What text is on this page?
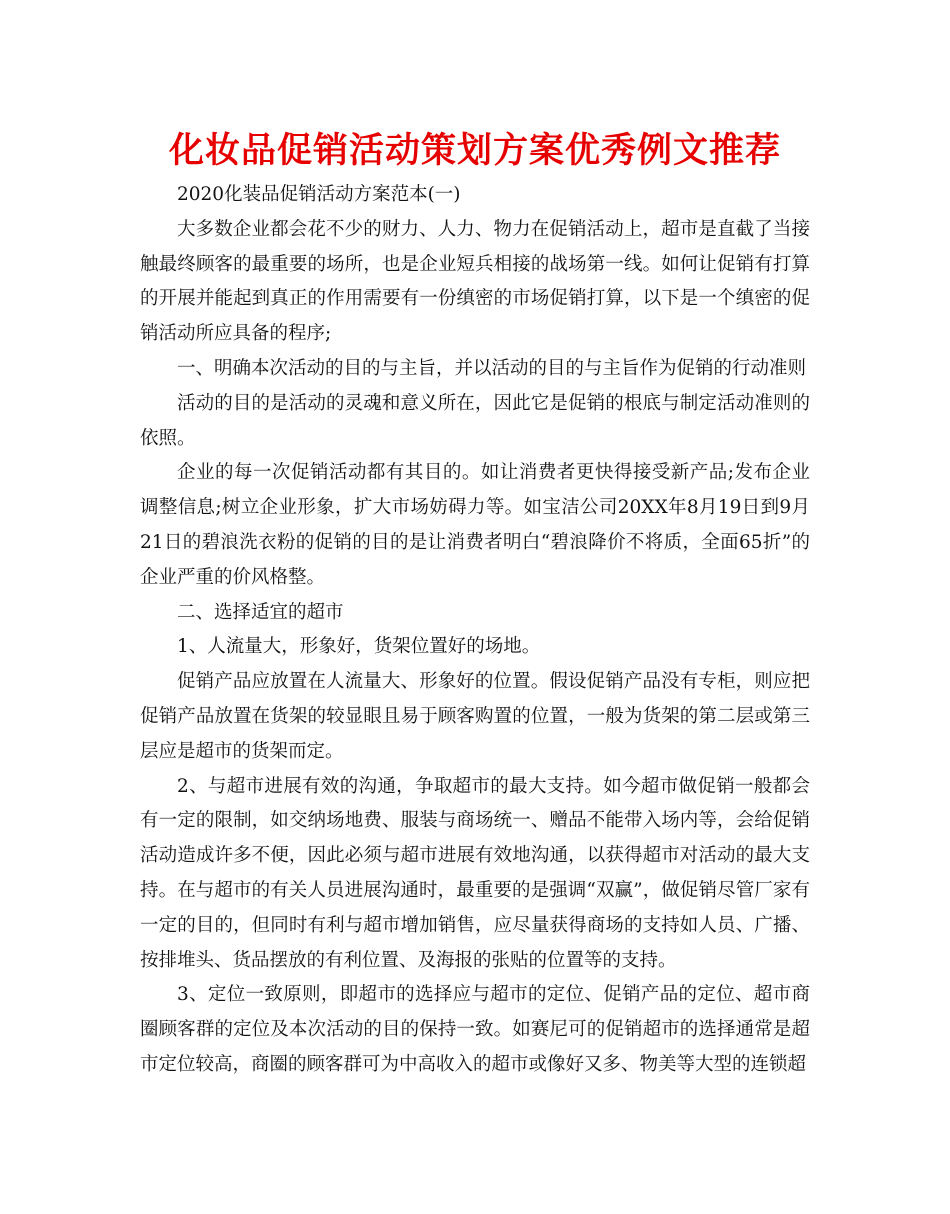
化妆品促销活动策划方案优秀例文推荐

2020化装品促销活动方案范本(一)

大多数企业都会花不少的财力、人力、物力在促销活动上，超市是直截了当接触最终顾客的最重要的场所，也是企业短兵相接的战场第一线。如何让促销有打算的开展并能起到真正的作用需要有一份缜密的市场促销打算，以下是一个缜密的促销活动所应具备的程序;

一、明确本次活动的目的与主旨，并以活动的目的与主旨作为促销的行动准则

活动的目的是活动的灵魂和意义所在，因此它是促销的根底与制定活动准则的依照。

企业的每一次促销活动都有其目的。如让消费者更快得接受新产品;发布企业调整信息;树立企业形象，扩大市场妨碍力等。如宝洁公司20XX年8月19日到9月21日的碧浪洗衣粉的促销的目的是让消费者明白“碧浪降价不将质，全面65折”的企业严重的价风格整。

二、选择适宜的超市

1、人流量大，形象好，货架位置好的场地。

促销产品应放置在人流量大、形象好的位置。假设促销产品没有专柜，则应把促销产品放置在货架的较显眼且易于顾客购置的位置，一般为货架的第二层或第三层应是超市的货架而定。

2、与超市进展有效的沟通，争取超市的最大支持。如今超市做促销一般都会有一定的限制，如交纳场地费、服装与商场统一、赠品不能带入场内等，会给促销活动造成许多不便，因此必须与超市进展有效地沟通，以获得超市对活动的最大支持。在与超市的有关人员进展沟通时，最重要的是强调“双赢”，做促销尽管厂家有一定的目的，但同时有利与超市增加销售，应尽量获得商场的支持如人员、广播、按排堆头、货品摆放的有利位置、及海报的张贴的位置等的支持。

3、定位一致原则，即超市的选择应与超市的定位、促销产品的定位、超市商圈顾客群的定位及本次活动的目的保持一致。如赛尼可的促销超市的选择通常是超市定位较高，商圈的顾客群可为中高收入的超市或像好又多、物美等大型的连锁超
